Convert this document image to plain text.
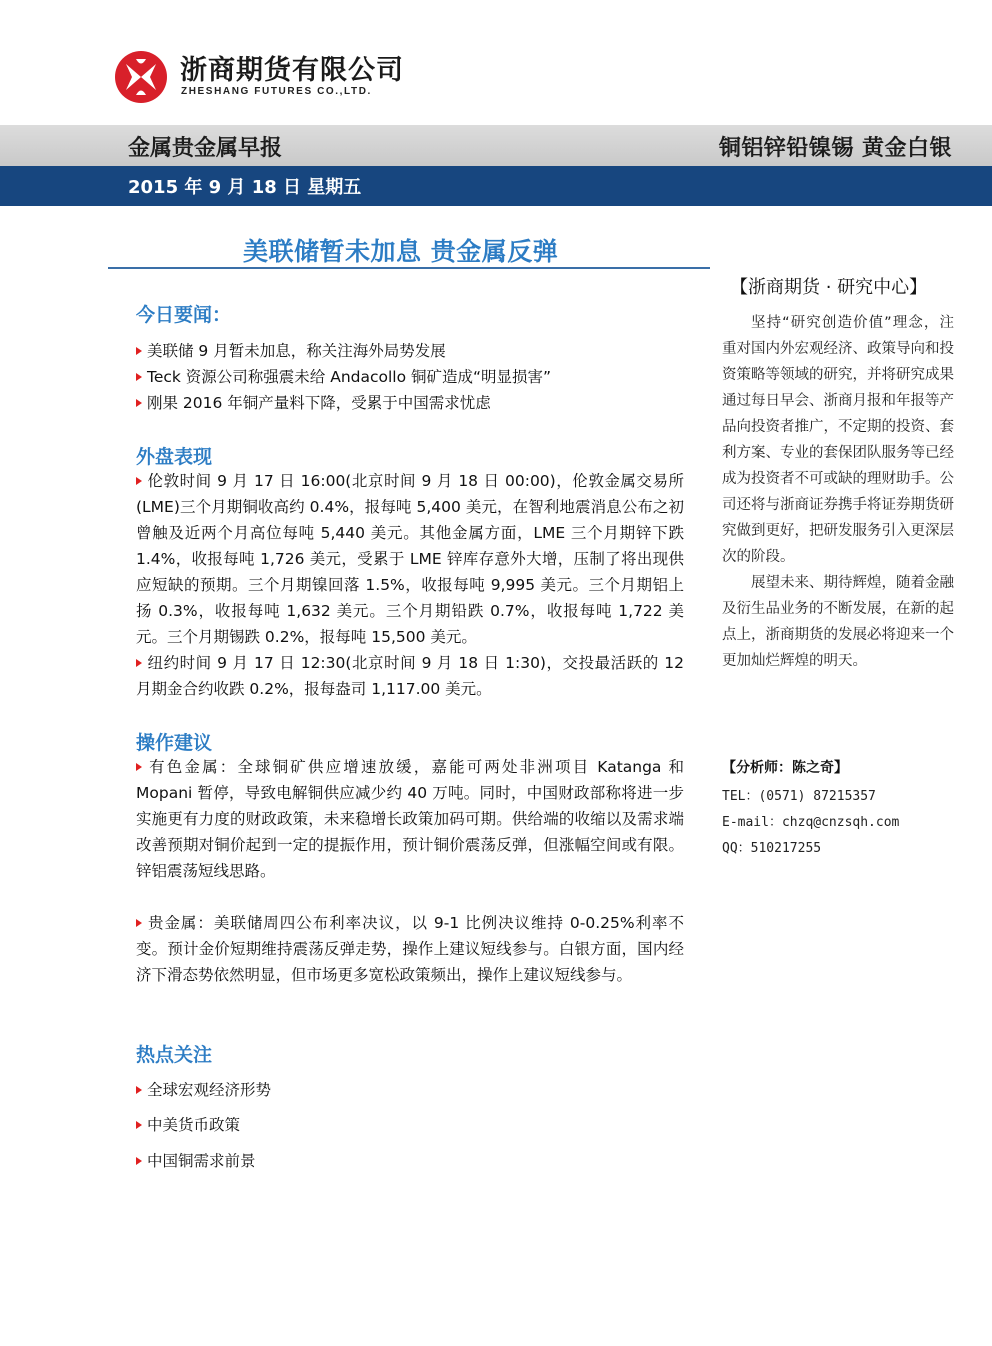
浙商期货有限公司
ZHESHANG FUTURES CO.,LTD.
金属贵金属早报	铜铝锌铅镍锡 黄金白银
2015 年 9 月 18 日 星期五
美联储暂未加息 贵金属反弹
今日要闻：
美联储 9 月暂未加息，称关注海外局势发展
Teck 资源公司称强震未给 Andacollo 铜矿造成“明显损害”
刚果 2016 年铜产量料下降，受累于中国需求忧虑
外盘表现
伦敦时间 9 月 17 日 16:00(北京时间 9 月 18 日 00:00)，伦敦金属交易所(LME)三个月期铜收高约 0.4%，报每吨 5,400 美元，在智利地震消息公布之初曾触及近两个月高位每吨 5,440 美元。其他金属方面，LME 三个月期锌下跌 1.4%，收报每吨 1,726 美元，受累于 LME 锌库存意外大增，压制了将出现供应短缺的预期。三个月期镍回落 1.5%，收报每吨 9,995 美元。三个月期铝上扬 0.3%，收报每吨 1,632 美元。三个月期铅跌 0.7%，收报每吨 1,722 美元。三个月期锡跌 0.2%，报每吨 15,500 美元。
纽约时间 9 月 17 日 12:30(北京时间 9 月 18 日 1:30)，交投最活跃的 12 月期金合约收跌 0.2%，报每盎司 1,117.00 美元。
操作建议
有色金属：全球铜矿供应增速放缓，嘉能可两处非洲项目 Katanga 和 Mopani 暂停，导致电解铜供应减少约 40 万吨。同时，中国财政部称将进一步实施更有力度的财政政策，未来稳增长政策加码可期。供给端的收缩以及需求端改善预期对铜价起到一定的提振作用，预计铜价震荡反弹，但涨幅空间或有限。锌铝震荡短线思路。
贵金属：美联储周四公布利率决议，以 9-1 比例决议维持 0-0.25%利率不变。预计金价短期维持震荡反弹走势，操作上建议短线参与。白银方面，国内经济下滑态势依然明显，但市场更多宽松政策频出，操作上建议短线参与。
热点关注
全球宏观经济形势
中美货币政策
中国铜需求前景
【浙商期货 · 研究中心】

坚持“研究创造价值”理念，注重对国内外宏观经济、政策导向和投资策略等领域的研究，并将研究成果通过每日早会、浙商月报和年报等产品向投资者推广，不定期的投资、套利方案、专业的套保团队服务等已经成为投资者不可或缺的理财助手。公司还将与浙商证券携手将证券期货研究做到更好，把研发服务引入更深层次的阶段。

展望未来、期待辉煌，随着金融及衍生品业务的不断发展，在新的起点上，浙商期货的发展必将迎来一个更加灿烂辉煌的明天。

【分析师：陈之奇】
TEL：(0571) 87215357
E-mail：chzq@cnzsqh.com
QQ：510217255
